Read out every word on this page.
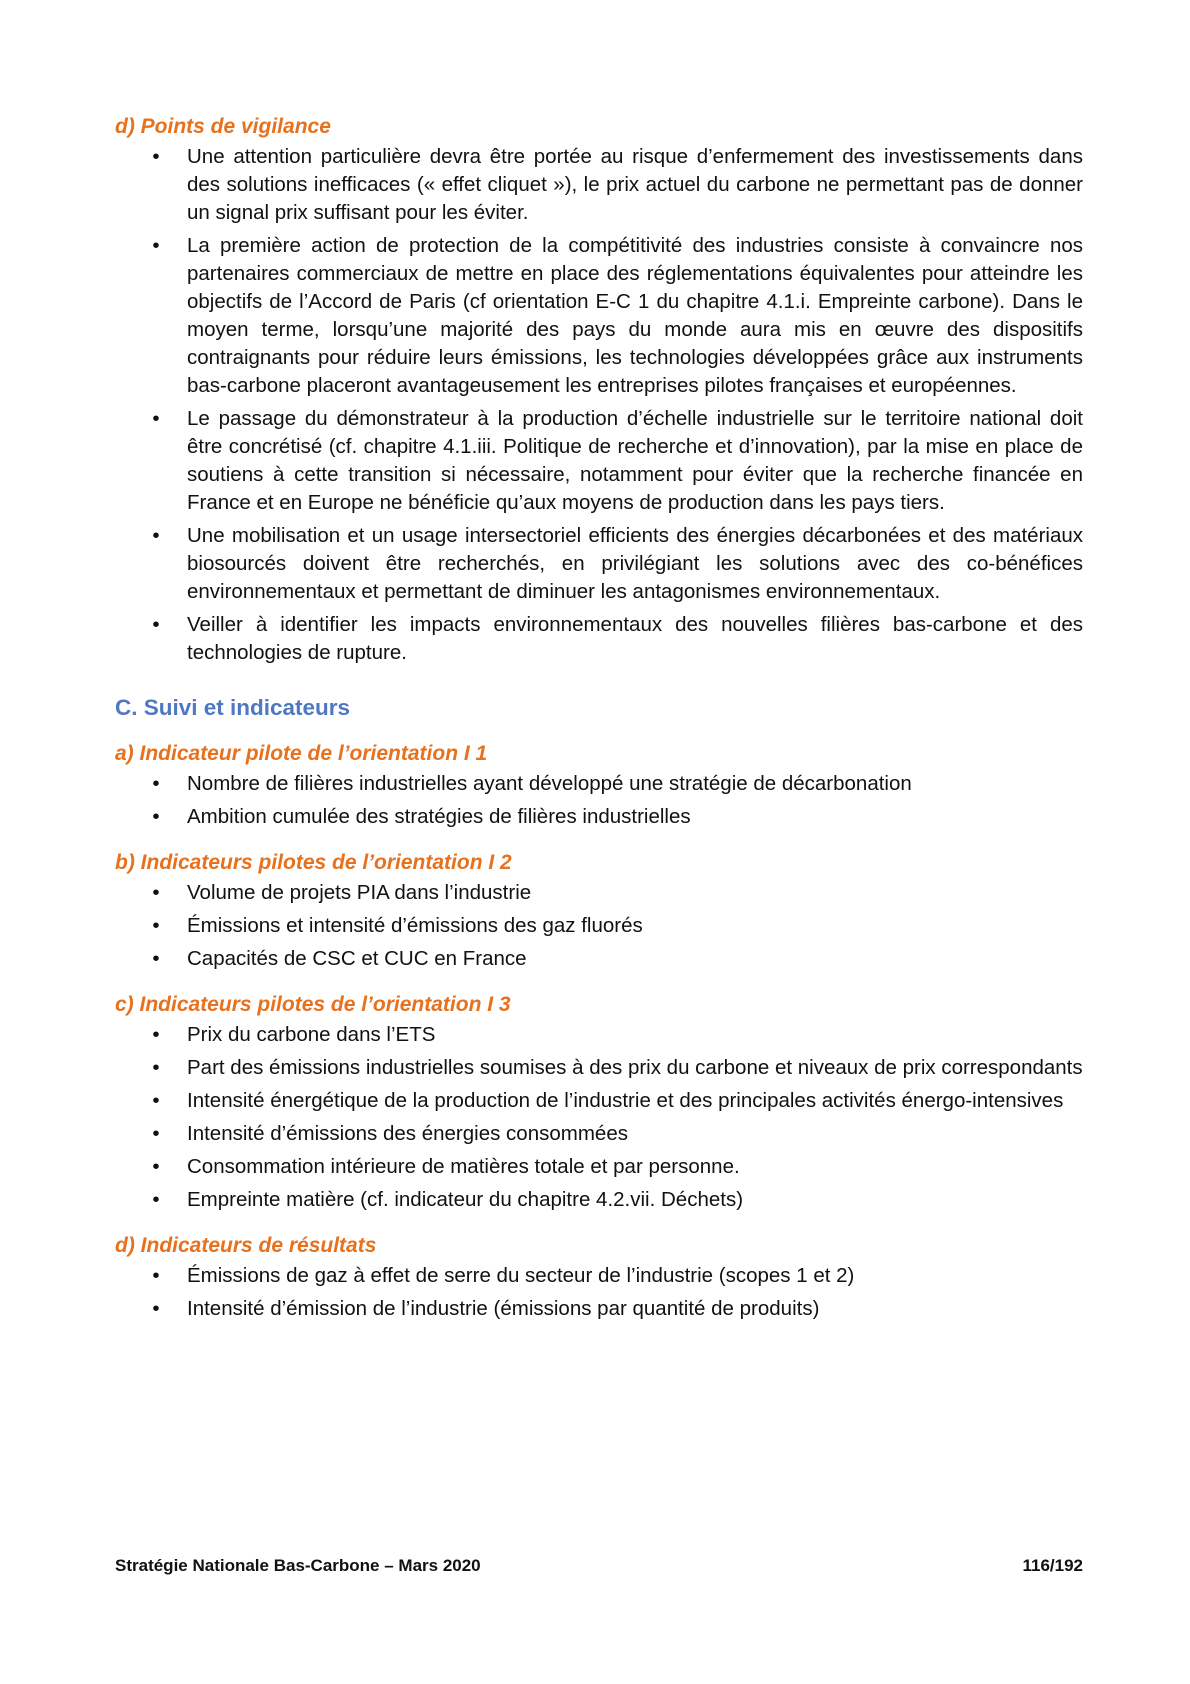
d) Points de vigilance
• Une attention particulière devra être portée au risque d’enfermement des investissements dans des solutions inefficaces (« effet cliquet »), le prix actuel du carbone ne permettant pas de donner un signal prix suffisant pour les éviter.
• La première action de protection de la compétitivité des industries consiste à convaincre nos partenaires commerciaux de mettre en place des réglementations équivalentes pour atteindre les objectifs de l’Accord de Paris (cf orientation E-C 1 du chapitre 4.1.i. Empreinte carbone). Dans le moyen terme, lorsqu’une majorité des pays du monde aura mis en œuvre des dispositifs contraignants pour réduire leurs émissions, les technologies développées grâce aux instruments bas-carbone placeront avantageusement les entreprises pilotes françaises et européennes.
• Le passage du démonstrateur à la production d’échelle industrielle sur le territoire national doit être concrétisé (cf. chapitre 4.1.iii. Politique de recherche et d’innovation), par la mise en place de soutiens à cette transition si nécessaire, notamment pour éviter que la recherche financée en France et en Europe ne bénéficie qu’aux moyens de production dans les pays tiers.
• Une mobilisation et un usage intersectoriel efficients des énergies décarbonées et des matériaux biosourcés doivent être recherchés, en privilégiant les solutions avec des co-bénéfices environnementaux et permettant de diminuer les antagonismes environnementaux.
• Veiller à identifier les impacts environnementaux des nouvelles filières bas-carbone et des technologies de rupture.
C. Suivi et indicateurs
a) Indicateur pilote de l’orientation I 1
• Nombre de filières industrielles ayant développé une stratégie de décarbonation
• Ambition cumulée des stratégies de filières industrielles
b) Indicateurs pilotes de l’orientation I 2
• Volume de projets PIA dans l’industrie
• Émissions et intensité d’émissions des gaz fluorés
• Capacités de CSC et CUC en France
c) Indicateurs pilotes de l’orientation I 3
• Prix du carbone dans l’ETS
• Part des émissions industrielles soumises à des prix du carbone et niveaux de prix correspondants
• Intensité énergétique de la production de l’industrie et des principales activités énergo-intensives
• Intensité d’émissions des énergies consommées
• Consommation intérieure de matières totale et par personne.
• Empreinte matière (cf. indicateur du chapitre 4.2.vii. Déchets)
d) Indicateurs de résultats
• Émissions de gaz à effet de serre du secteur de l’industrie (scopes 1 et 2)
• Intensité d’émission de l’industrie (émissions par quantité de produits)
Stratégie Nationale Bas-Carbone – Mars 2020	116/192
